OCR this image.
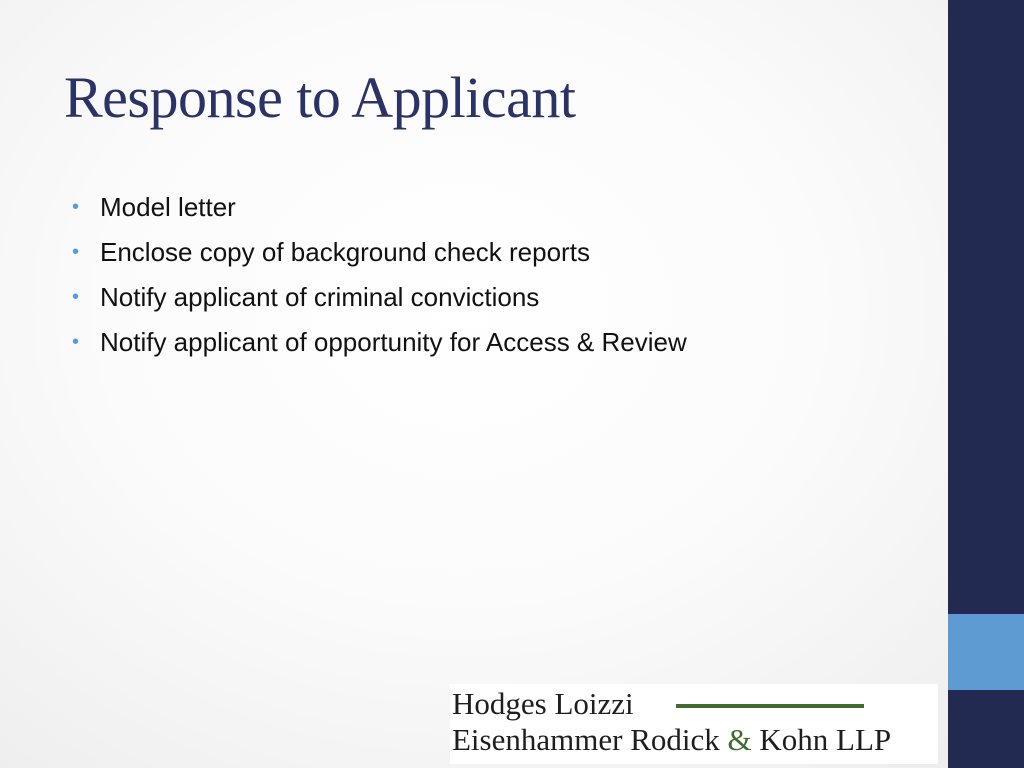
Response to Applicant
• Model letter
• Enclose copy of background check reports
• Notify applicant of criminal convictions
• Notify applicant of opportunity for Access & Review
Hodges Loizzi
Eisenhammer Rodick & Kohn LLP
